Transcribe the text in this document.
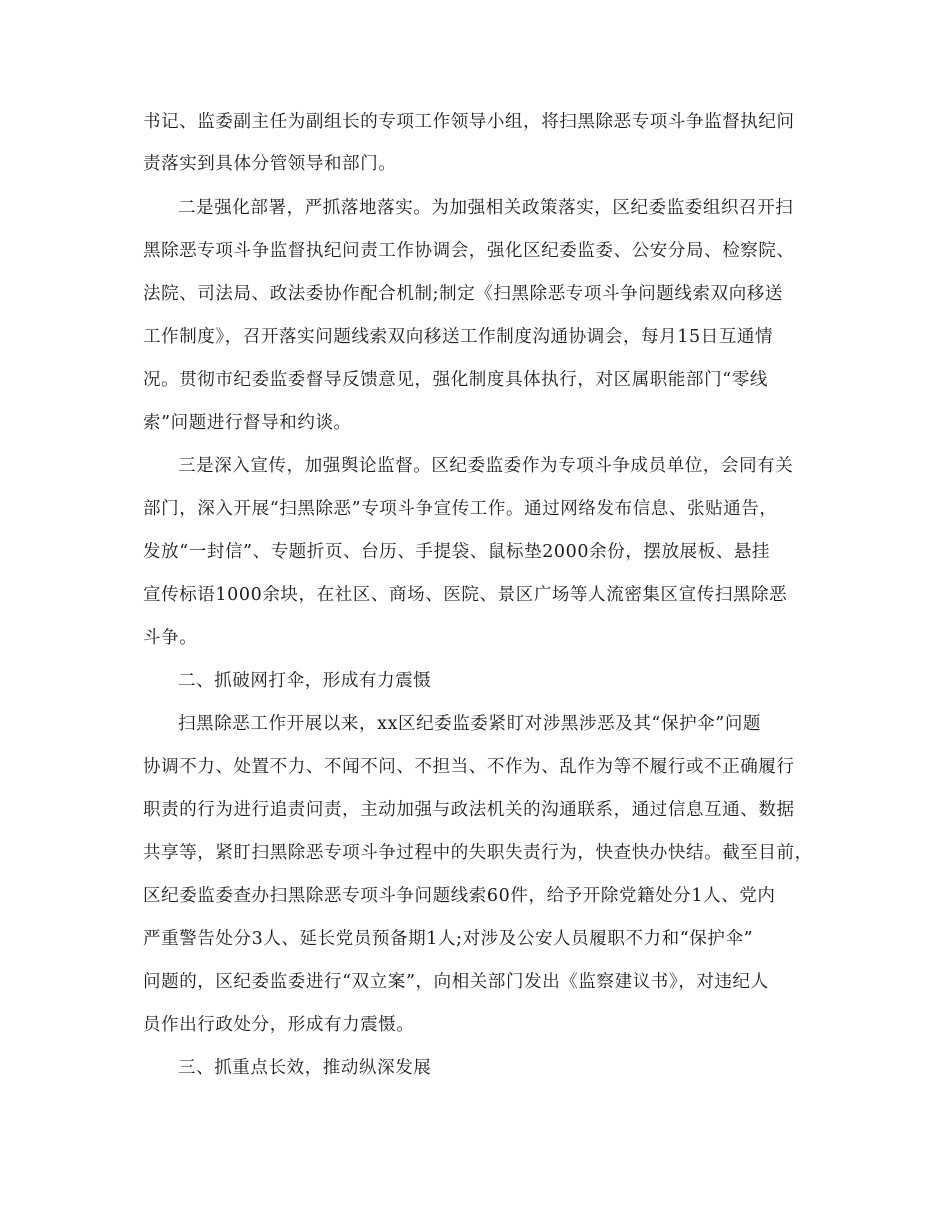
书记、监委副主任为副组长的专项工作领导小组，将扫黑除恶专项斗争监督执纪问
责落实到具体分管领导和部门。
二是强化部署，严抓落地落实。为加强相关政策落实，区纪委监委组织召开扫
黑除恶专项斗争监督执纪问责工作协调会，强化区纪委监委、公安分局、检察院、
法院、司法局、政法委协作配合机制;制定《扫黑除恶专项斗争问题线索双向移送
工作制度》，召开落实问题线索双向移送工作制度沟通协调会，每月15日互通情
况。贯彻市纪委监委督导反馈意见，强化制度具体执行，对区属职能部门“零线
索”问题进行督导和约谈。
三是深入宣传，加强舆论监督。区纪委监委作为专项斗争成员单位，会同有关
部门，深入开展“扫黑除恶”专项斗争宣传工作。通过网络发布信息、张贴通告，
发放“一封信”、专题折页、台历、手提袋、鼠标垫2000余份，摆放展板、悬挂
宣传标语1000余块，在社区、商场、医院、景区广场等人流密集区宣传扫黑除恶
斗争。
二、抓破网打伞，形成有力震慑
扫黑除恶工作开展以来，xx区纪委监委紧盯对涉黑涉恶及其“保护伞”问题
协调不力、处置不力、不闻不问、不担当、不作为、乱作为等不履行或不正确履行
职责的行为进行追责问责，主动加强与政法机关的沟通联系，通过信息互通、数据
共享等，紧盯扫黑除恶专项斗争过程中的失职失责行为，快查快办快结。截至目前，
区纪委监委查办扫黑除恶专项斗争问题线索60件，给予开除党籍处分1人、党内
严重警告处分3人、延长党员预备期1人;对涉及公安人员履职不力和“保护伞”
问题的，区纪委监委进行“双立案”，向相关部门发出《监察建议书》，对违纪人
员作出行政处分，形成有力震慑。
三、抓重点长效，推动纵深发展
